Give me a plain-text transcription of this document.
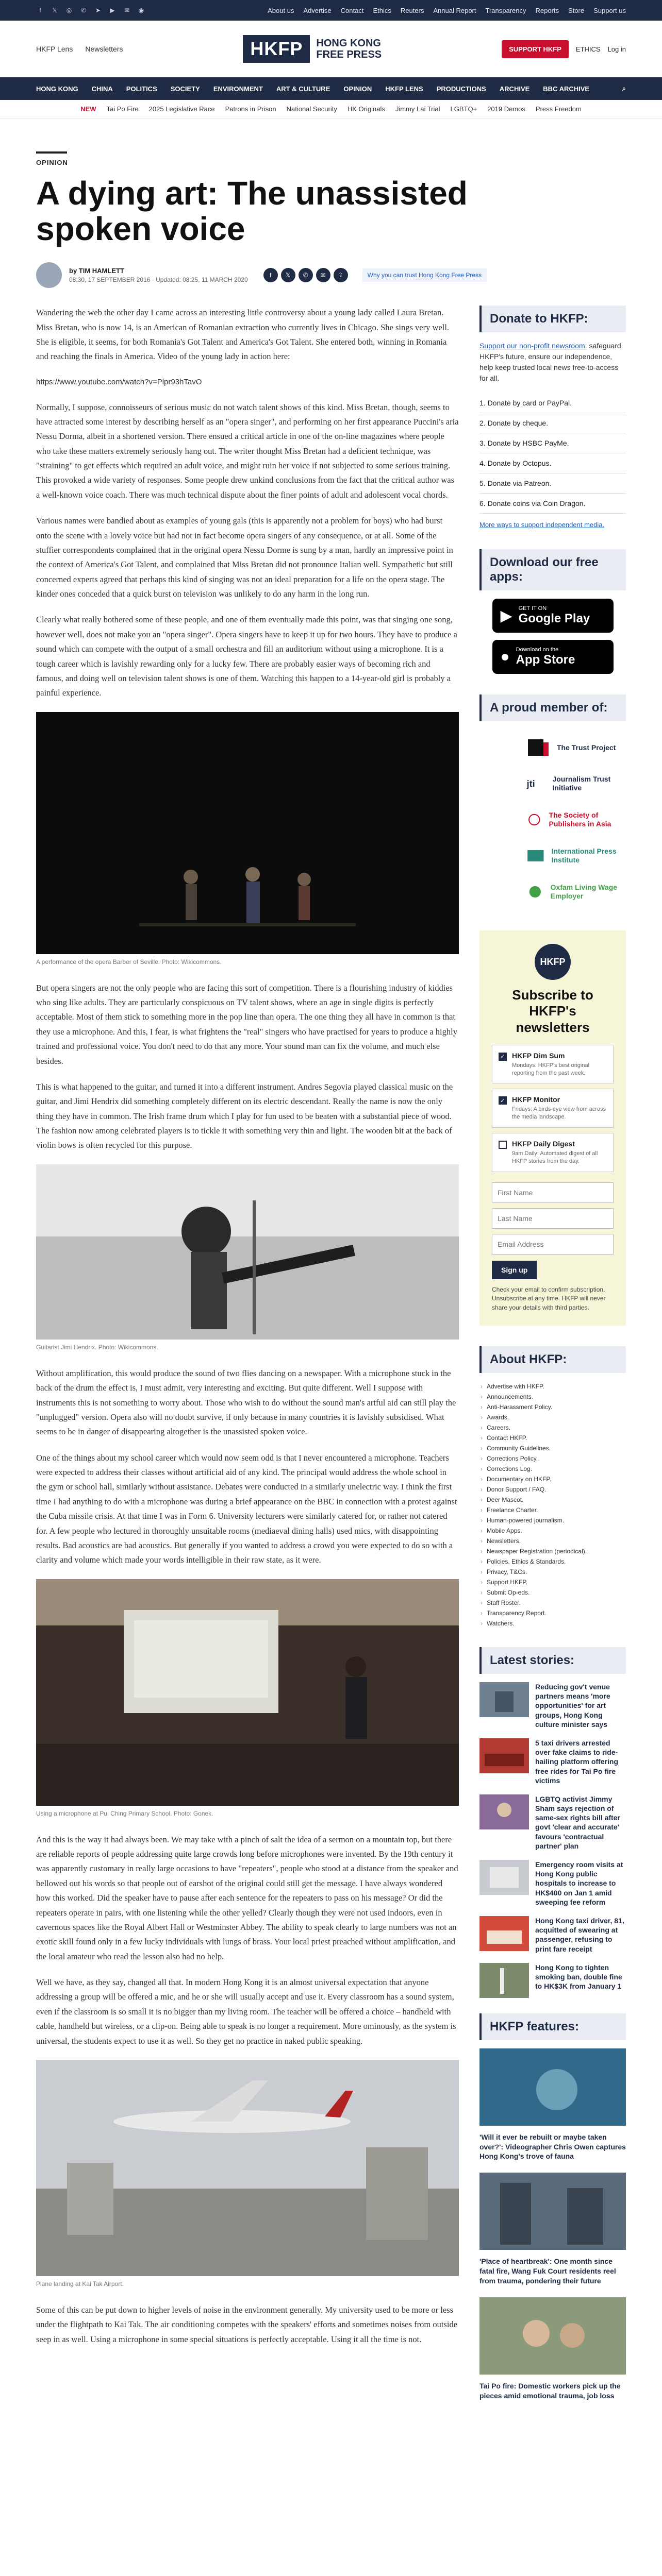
f	𝕏 ◎ ✆ ➤ ▶ ✉ ◉	About us Advertise Contact Ethics Reuters Annual Report Transparency Reports Store Support us
HKFP Lens Newsletters	HKFP	HONG KONG
FREE PRESS	SUPPORT HKFP	ETHICS Log in
HONG KONG CHINA POLITICS SOCIETY ENVIRONMENT ART & CULTURE OPINION HKFP LENS PRODUCTIONS ARCHIVE BBC ARCHIVE	⌕
NEW Tai Po Fire 2025 Legislative Race Patrons in Prison National Security HK Originals Jimmy Lai Trial LGBTQ+ 2019 Demos Press Freedom
OPINION
A dying art: The unassisted spoken voice
by TIM HAMLETT
08:30, 17 SEPTEMBER 2016 · Updated: 08:25, 11 MARCH 2020
f	𝕏	✆	✉	⇪	Why you can trust Hong Kong Free Press

Wandering the web the other day I came across an interesting little controversy about a young lady called Laura Bretan. Miss Bretan, who is now 14, is an American of Romanian extraction who currently lives in Chicago. She sings very well. She is eligible, it seems, for both Romania's Got Talent and America's Got Talent. She entered both, winning in Romania and reaching the finals in America. Video of the young lady in action here:

https://www.youtube.com/watch?v=Plpr93hTavO

Normally, I suppose, connoisseurs of serious music do not watch talent shows of this kind. Miss Bretan, though, seems to have attracted some interest by describing herself as an "opera singer", and performing on her first appearance Puccini's aria Nessu Dorma, albeit in a shortened version. There ensued a critical article in one of the on-line magazines where people who take these matters extremely seriously hang out. The writer thought Miss Bretan had a deficient technique, was "straining" to get effects which required an adult voice, and might ruin her voice if not subjected to some serious training. This provoked a wide variety of responses. Some people drew unkind conclusions from the fact that the critical author was a well-known voice coach. There was much technical dispute about the finer points of adult and adolescent vocal chords.

Various names were bandied about as examples of young gals (this is apparently not a problem for boys) who had burst onto the scene with a lovely voice but had not in fact become opera singers of any consequence, or at all. Some of the stuffier correspondents complained that in the original opera Nessu Dorme is sung by a man, hardly an impressive point in the context of America's Got Talent, and complained that Miss Bretan did not pronounce Italian well. Sympathetic but still concerned experts agreed that perhaps this kind of singing was not an ideal preparation for a life on the opera stage. The kinder ones conceded that a quick burst on television was unlikely to do any harm in the long run.

Clearly what really bothered some of these people, and one of them eventually made this point, was that singing one song, however well, does not make you an "opera singer". Opera singers have to keep it up for two hours. They have to produce a sound which can compete with the output of a small orchestra and fill an auditorium without using a microphone. It is a tough career which is lavishly rewarding only for a lucky few. There are probably easier ways of becoming rich and famous, and doing well on television talent shows is one of them. Watching this happen to a 14-year-old girl is probably a painful experience.

A performance of the opera Barber of Seville. Photo: Wikicommons.

But opera singers are not the only people who are facing this sort of competition. There is a flourishing industry of kiddies who sing like adults. They are particularly conspicuous on TV talent shows, where an age in single digits is perfectly acceptable. Most of them stick to something more in the pop line than opera. The one thing they all have in common is that they use a microphone. And this, I fear, is what frightens the "real" singers who have practised for years to produce a highly trained and professional voice. You don't need to do that any more. Your sound man can fix the volume, and much else besides.

This is what happened to the guitar, and turned it into a different instrument. Andres Segovia played classical music on the guitar, and Jimi Hendrix did something completely different on its electric descendant. Really the name is now the only thing they have in common. The Irish frame drum which I play for fun used to be beaten with a substantial piece of wood. The fashion now among celebrated players is to tickle it with something very thin and light. The wooden bit at the back of violin bows is often recycled for this purpose.

Guitarist Jimi Hendrix. Photo: Wikicommons.

Without amplification, this would produce the sound of two flies dancing on a newspaper. With a microphone stuck in the back of the drum the effect is, I must admit, very interesting and exciting. But quite different. Well I suppose with instruments this is not something to worry about. Those who wish to do without the sound man's artful aid can still play the "unplugged" version. Opera also will no doubt survive, if only because in many countries it is lavishly subsidised. What seems to be in danger of disappearing altogether is the unassisted spoken voice.

One of the things about my school career which would now seem odd is that I never encountered a microphone. Teachers were expected to address their classes without artificial aid of any kind. The principal would address the whole school in the gym or school hall, similarly without assistance. Debates were conducted in a similarly unelectric way. I think the first time I had anything to do with a microphone was during a brief appearance on the BBC in connection with a protest against the Cuba missile crisis. At that time I was in Form 6. University lecturers were similarly catered for, or rather not catered for. A few people who lectured in thoroughly unsuitable rooms (mediaeval dining halls) used mics, with disappointing results. Bad acoustics are bad acoustics. But generally if you wanted to address a crowd you were expected to do so with a clarity and volume which made your words intelligible in their raw state, as it were.

Using a microphone at Pui Ching Primary School. Photo: Gonek.

And this is the way it had always been. We may take with a pinch of salt the idea of a sermon on a mountain top, but there are reliable reports of people addressing quite large crowds long before microphones were invented. By the 19th century it was apparently customary in really large occasions to have "repeaters", people who stood at a distance from the speaker and bellowed out his words so that people out of earshot of the original could still get the message. I have always wondered how this worked. Did the speaker have to pause after each sentence for the repeaters to pass on his message? Or did the repeaters operate in pairs, with one listening while the other yelled? Clearly though they were not used indoors, even in cavernous spaces like the Royal Albert Hall or Westminster Abbey. The ability to speak clearly to large numbers was not an exotic skill found only in a few lucky individuals with lungs of brass. Your local priest preached without amplification, and the local amateur who read the lesson also had no help.

Well we have, as they say, changed all that. In modern Hong Kong it is an almost universal expectation that anyone addressing a group will be offered a mic, and he or she will usually accept and use it. Every classroom has a sound system, even if the classroom is so small it is no bigger than my living room. The teacher will be offered a choice – handheld with cable, handheld but wireless, or a clip-on. Being able to speak is no longer a requirement. More ominously, as the system is universal, the students expect to use it as well. So they get no practice in naked public speaking.

Plane landing at Kai Tak Airport.

Some of this can be put down to higher levels of noise in the environment generally. My university used to be more or less under the flightpath to Kai Tak. The air conditioning competes with the speakers' efforts and sometimes noises from outside seep in as well. Using a microphone in some special situations is perfectly acceptable. Using it all the time is not.

Donate to HKFP:

Support our non-profit newsroom: safeguard HKFP's future, ensure our independence, help keep trusted local news free-to-access for all.

1. Donate by card or PayPal.
2. Donate by cheque.
3. Donate by HSBC PayMe.
4. Donate by Octopus.
5. Donate via Patreon.
6. Donate coins via Coin Dragon.
More ways to support independent media.
Download our free apps:
▶ GET IT ON
Google Play
● Download on the
App Store
A proud member of:
The Trust Project
jti Journalism Trust Initiative
The Society of Publishers in Asia
International Press Institute
Oxfam Living Wage Employer
HKFP
Subscribe to HKFP's newsletters
✓ HKFP Dim Sum
Mondays: HKFP's best original reporting from the past week.
✓ HKFP Monitor
Fridays: A birds-eye view from across the media landscape.
HKFP Daily Digest
9am Daily: Automated digest of all HKFP stories from the day.
First Name Last Name Email Address Sign up
Check your email to confirm subscription. Unsubscribe at any time. HKFP will never share your details with third parties.
About HKFP:
› Advertise with HKFP.
› Announcements.
› Anti-Harassment Policy.
› Awards.
› Careers.
› Contact HKFP.
› Community Guidelines.
› Corrections Policy.
› Corrections Log.
› Documentary on HKFP.
› Donor Support / FAQ.
› Deer Mascot.
› Freelance Charter.
› Human-powered journalism.
› Mobile Apps.
› Newsletters.
› Newspaper Registration (periodical).
› Policies, Ethics & Standards.
› Privacy, T&Cs.
› Support HKFP.
› Submit Op-eds.
› Staff Roster.
› Transparency Report.
› Watchers.
Latest stories:
Reducing gov't venue partners means 'more opportunities' for art groups, Hong Kong culture minister says
5 taxi drivers arrested over fake claims to ride-hailing platform offering free rides for Tai Po fire victims
LGBTQ activist Jimmy Sham says rejection of same-sex rights bill after govt 'clear and accurate' favours 'contractual partner' plan
Emergency room visits at Hong Kong public hospitals to increase to HK$400 on Jan 1 amid sweeping fee reform
Hong Kong taxi driver, 81, acquitted of swearing at passenger, refusing to print fare receipt
Hong Kong to tighten smoking ban, double fine to HK$3K from January 1
HKFP features:
'Will it ever be rebuilt or maybe taken over?': Videographer Chris Owen captures Hong Kong's trove of fauna
'Place of heartbreak': One month since fatal fire, Wang Fuk Court residents reel from trauma, pondering their future
Tai Po fire: Domestic workers pick up the pieces amid emotional trauma, job loss
